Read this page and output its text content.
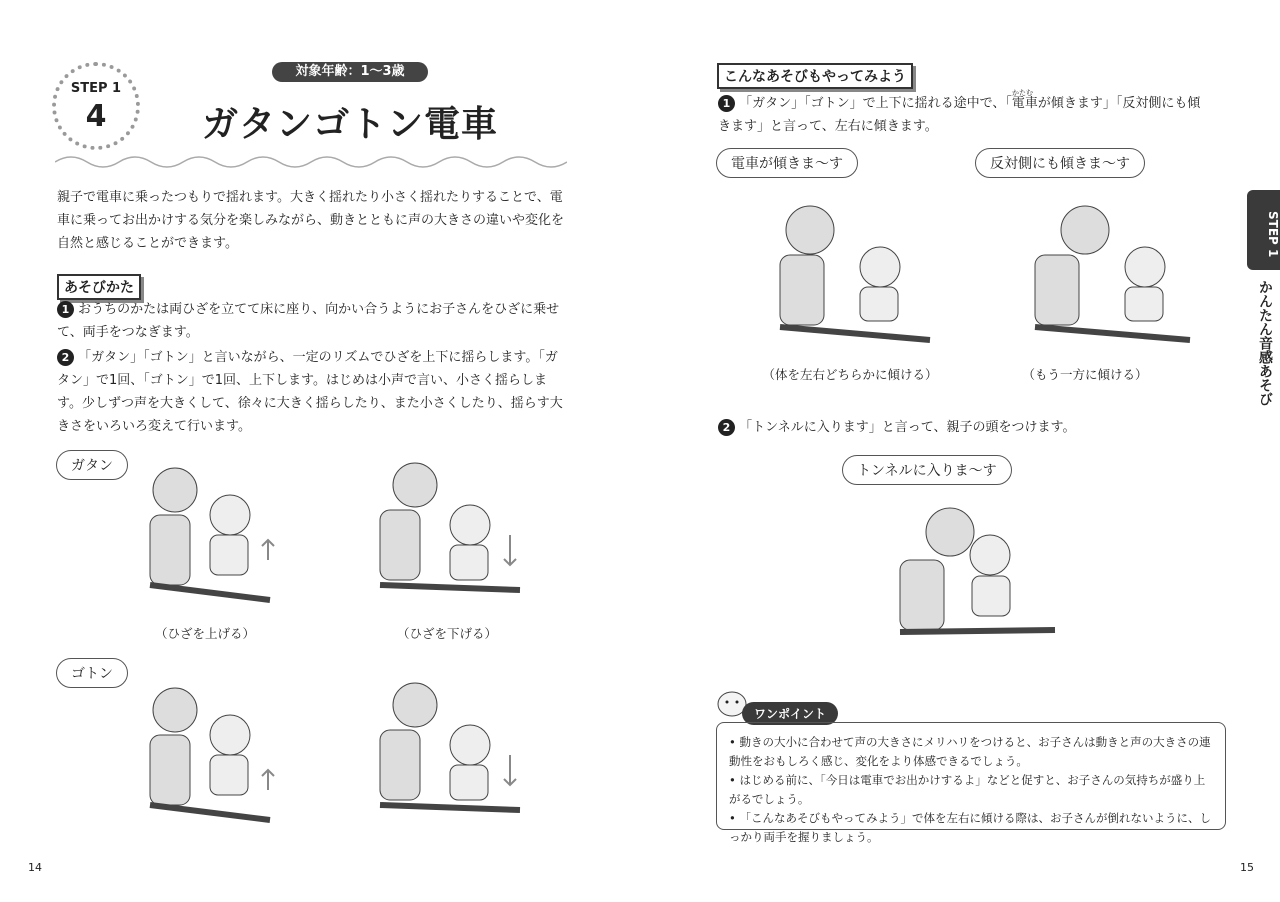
STEP 1
4
対象年齢：1～3歳
ガタンゴトン電車
親子で電車に乗ったつもりで揺れます。大きく揺れたり小さく揺れたりすることで、電車に乗ってお出かけする気分を楽しみながら、動きとともに声の大きさの違いや変化を自然と感じることができます。
あそびかた
1 おうちのかたは両ひざを立てて床に座り、向かい合うようにお子さんをひざに乗せて、両手をつなぎます。
2 「ガタン」「ゴトン」と言いながら、一定のリズムでひざを上下に揺らします。「ガタン」で1回、「ゴトン」で1回、上下します。はじめは小声で言い、小さく揺らします。少しずつ声を大きくして、徐々に大きく揺らしたり、また小さくしたり、揺らす大きさをいろいろ変えて行います。
ガタン
ゴトン
（ひざを上げる）	（ひざを下げる）
14
こんなあそびもやってみよう
かたむ
1 「ガタン」「ゴトン」で上下に揺れる途中で、「電車が傾きます」「反対側にも傾きます」と言って、左右に傾きます。
電車が傾きま～す	反対側にも傾きま～す
（体を左右どちらかに傾ける）	（もう一方に傾ける）
2 「トンネルに入ります」と言って、親子の頭をつけます。
トンネルに入りま～す
ワンポイント
• 動きの大小に合わせて声の大きさにメリハリをつけると、お子さんは動きと声の大きさの連動性をおもしろく感じ、変化をより体感できるでしょう。
• はじめる前に、「今日は電車でお出かけするよ」などと促すと、お子さんの気持ちが盛り上がるでしょう。
• 「こんなあそびもやってみよう」で体を左右に傾ける際は、お子さんが倒れないように、しっかり両手を握りましょう。
STEP 1
かんたん音感あそび
15
